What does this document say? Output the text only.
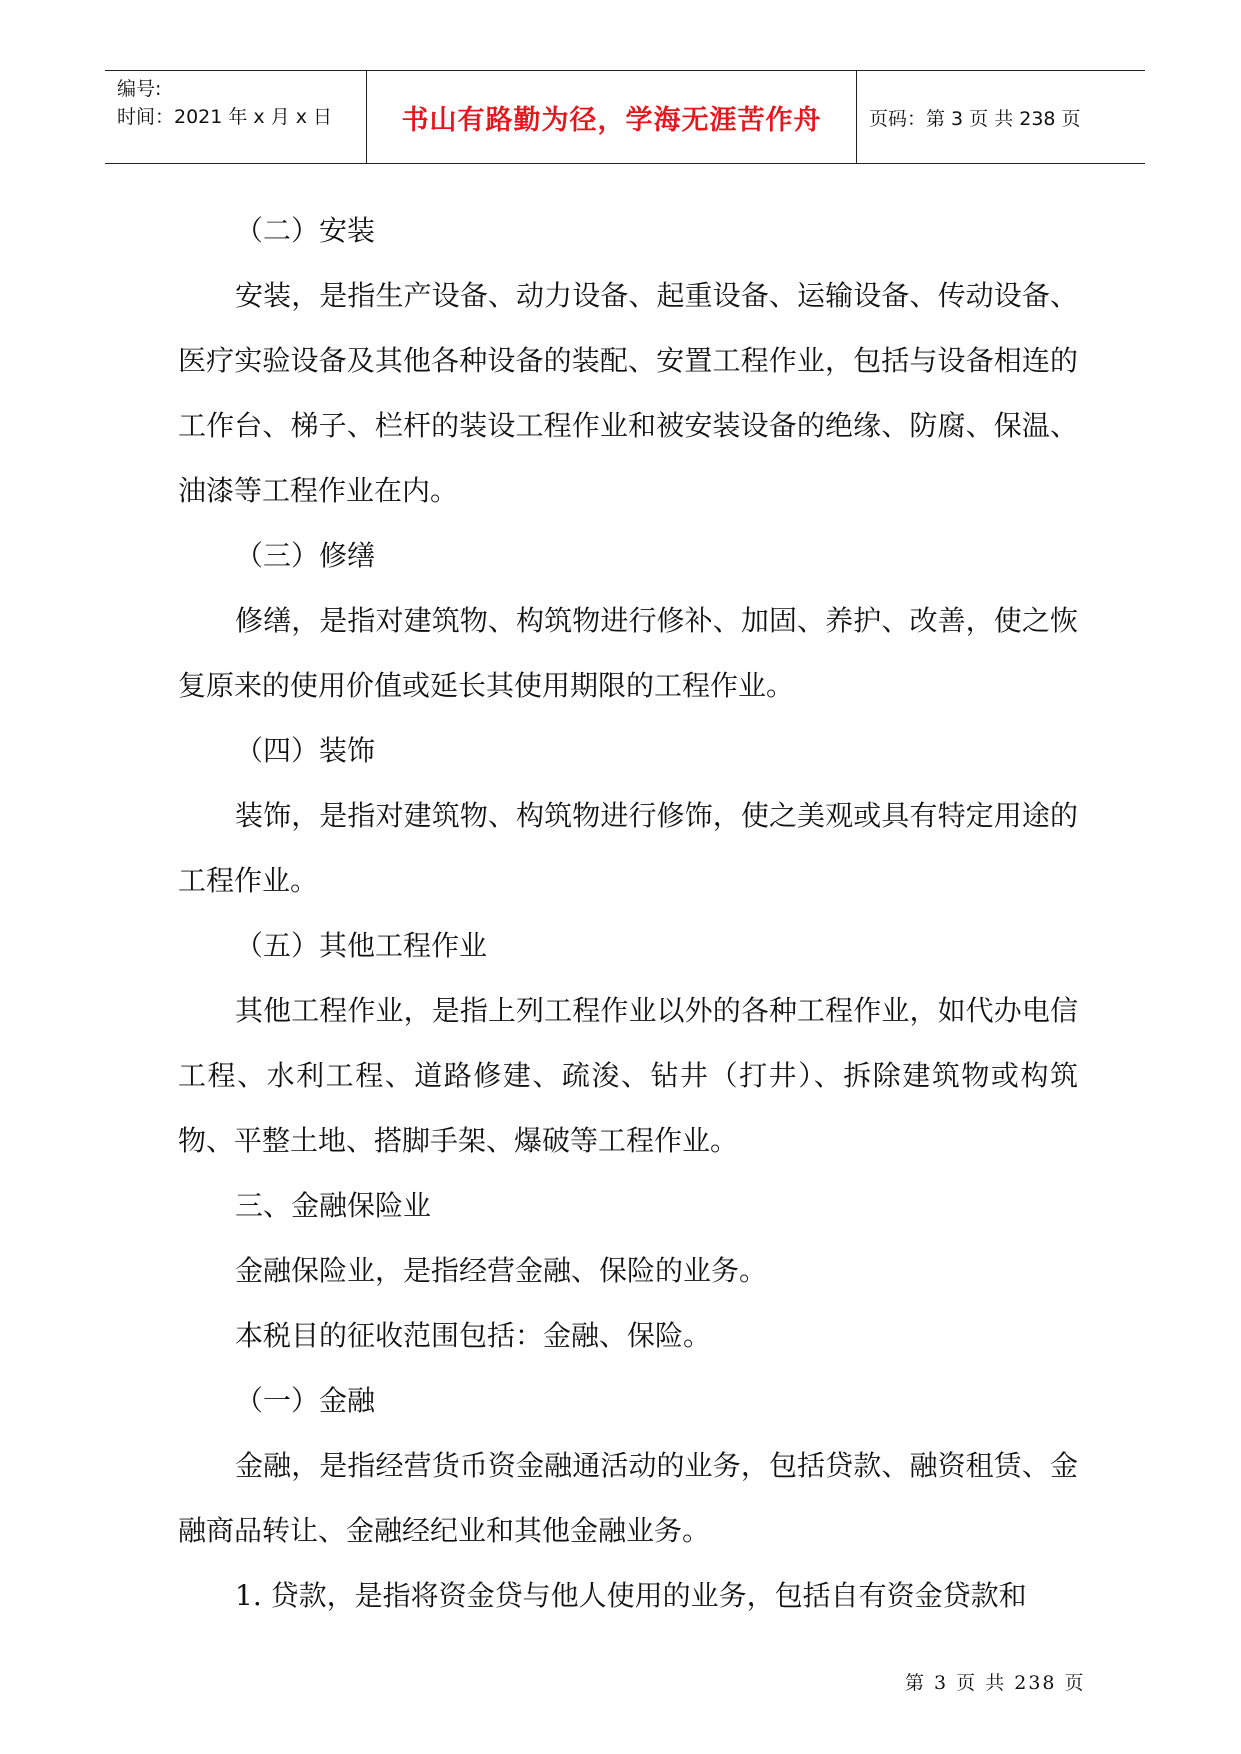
编号:
时间：2021 年 x 月 x 日	书山有路勤为径，学海无涯苦作舟	页码：第 3 页 共 238 页

（二）安装

安装，是指生产设备、动力设备、起重设备、运输设备、传动设备、医疗实验设备及其他各种设备的装配、安置工程作业，包括与设备相连的工作台、梯子、栏杆的装设工程作业和被安装设备的绝缘、防腐、保温、油漆等工程作业在内。

（三）修缮

修缮，是指对建筑物、构筑物进行修补、加固、养护、改善，使之恢复原来的使用价值或延长其使用期限的工程作业。

（四）装饰

装饰，是指对建筑物、构筑物进行修饰，使之美观或具有特定用途的工程作业。

（五）其他工程作业

其他工程作业，是指上列工程作业以外的各种工程作业，如代办电信工程、水利工程、道路修建、疏浚、钻井（打井）、拆除建筑物或构筑物、平整土地、搭脚手架、爆破等工程作业。

三、金融保险业

金融保险业，是指经营金融、保险的业务。

本税目的征收范围包括：金融、保险。

（一）金融

金融，是指经营货币资金融通活动的业务，包括贷款、融资租赁、金融商品转让、金融经纪业和其他金融业务。

1. 贷款，是指将资金贷与他人使用的业务，包括自有资金贷款和

第 3 页 共 238 页
